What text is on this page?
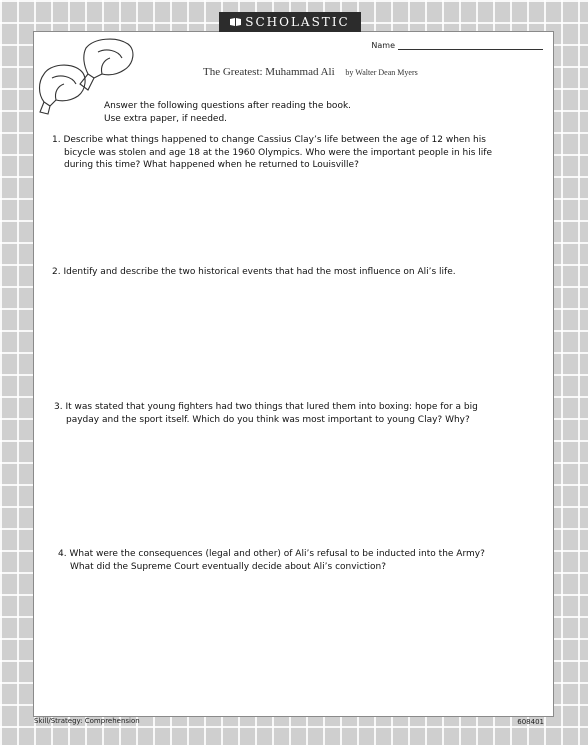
SCHOLASTIC
Name
The Greatest: Muhammad Ali by Walter Dean Myers
Answer the following questions after reading the book.
Use extra paper, if needed.
1. Describe what things happened to change Cassius Clay’s life between the age of 12 when his
bicycle was stolen and age 18 at the 1960 Olympics. Who were the important people in his life
during this time? What happened when he returned to Louisville?
2. Identify and describe the two historical events that had the most influence on Ali’s life.
3. It was stated that young fighters had two things that lured them into boxing: hope for a big
payday and the sport itself. Which do you think was most important to young Clay? Why?
4. What were the consequences (legal and other) of Ali’s refusal to be inducted into the Army?
What did the Supreme Court eventually decide about Ali’s conviction?
Skill/Strategy: Comprehension	608401
